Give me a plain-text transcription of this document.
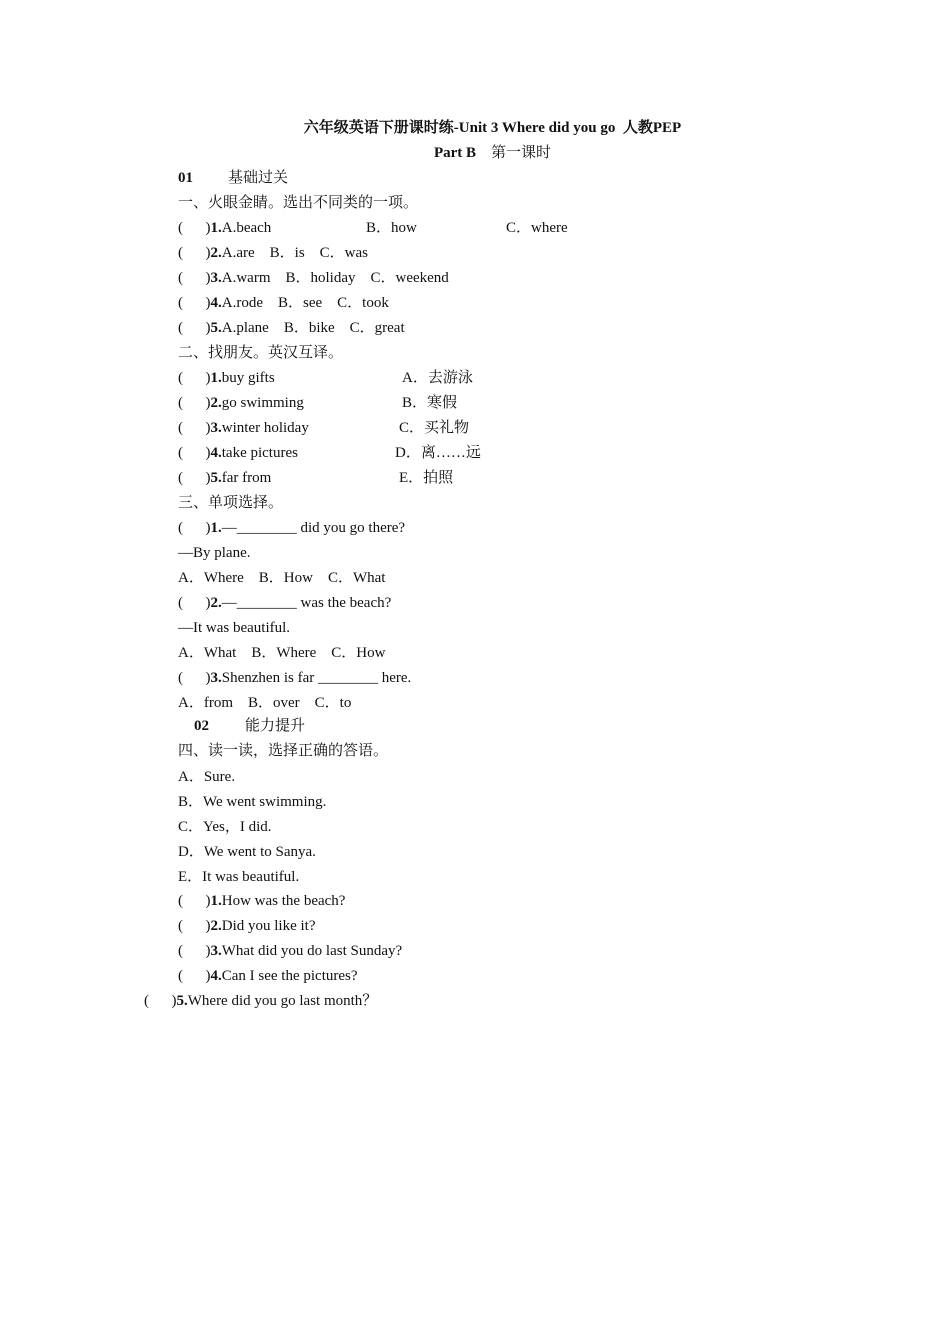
六年级英语下册课时练-Unit 3 Where did you go  人教PEP
Part B 第一课时
01 基础过关
一、火眼金睛。选出不同类的一项。
(      )1.A.beach	B．how	C．where
(      )2.A.are    B．is    C．was
(      )3.A.warm    B．holiday    C．weekend
(      )4.A.rode    B．see    C．took
(      )5.A.plane    B．bike    C．great
二、找朋友。英汉互译。
(      )1.buy gifts	A．去游泳
(      )2.go swimming	B．寒假
(      )3.winter holiday	C．买礼物
(      )4.take pictures	D．离……远
(      )5.far from	E．拍照
三、单项选择。
(      )1.—________ did you go there?
—By plane.
A．Where    B．How    C．What
(      )2.—________ was the beach?
—It was beautiful.
A．What    B．Where    C．How
(      )3.Shenzhen is far ________ here.
A．from    B．over    C．to
02 能力提升
四、读一读，选择正确的答语。
A．Sure.
B．We went swimming.
C．Yes，I did.
D．We went to Sanya.
E．It was beautiful.
(      )1.How was the beach?
(      )2.Did you like it?
(      )3.What did you do last Sunday?
(      )4.Can I see the pictures?
(      )5.Where did you go last month？
